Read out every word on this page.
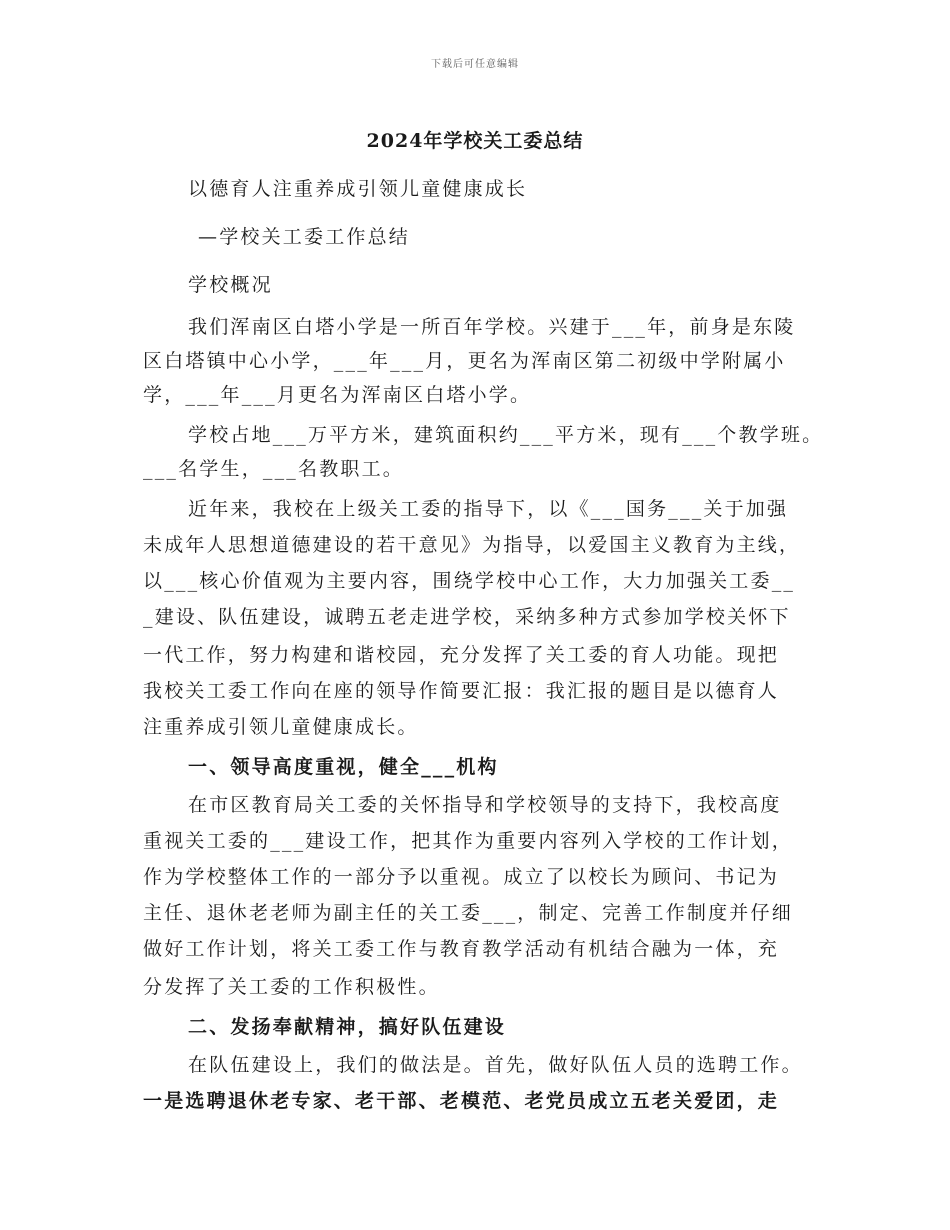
下载后可任意编辑
2024年学校关工委总结
以德育人注重养成引领儿童健康成长
—学校关工委工作总结
学校概况
我们浑南区白塔小学是一所百年学校。兴建于___年，前身是东陵
区白塔镇中心小学，___年___月，更名为浑南区第二初级中学附属小
学，___年___月更名为浑南区白塔小学。
学校占地___万平方米，建筑面积约___平方米，现有___个教学班。
___名学生，___名教职工。
近年来，我校在上级关工委的指导下，以《___国务___关于加强
未成年人思想道德建设的若干意见》为指导，以爱国主义教育为主线，
以___核心价值观为主要内容，围绕学校中心工作，大力加强关工委__
_建设、队伍建设，诚聘五老走进学校，采纳多种方式参加学校关怀下
一代工作，努力构建和谐校园，充分发挥了关工委的育人功能。现把
我校关工委工作向在座的领导作简要汇报：我汇报的题目是以德育人
注重养成引领儿童健康成长。
一、领导高度重视，健全___机构
在市区教育局关工委的关怀指导和学校领导的支持下，我校高度
重视关工委的___建设工作，把其作为重要内容列入学校的工作计划，
作为学校整体工作的一部分予以重视。成立了以校长为顾问、书记为
主任、退休老老师为副主任的关工委___，制定、完善工作制度并仔细
做好工作计划，将关工委工作与教育教学活动有机结合融为一体，充
分发挥了关工委的工作积极性。
二、发扬奉献精神，搞好队伍建设
在队伍建设上，我们的做法是。首先，做好队伍人员的选聘工作。
一是选聘退休老专家、老干部、老模范、老党员成立五老关爱团，走
